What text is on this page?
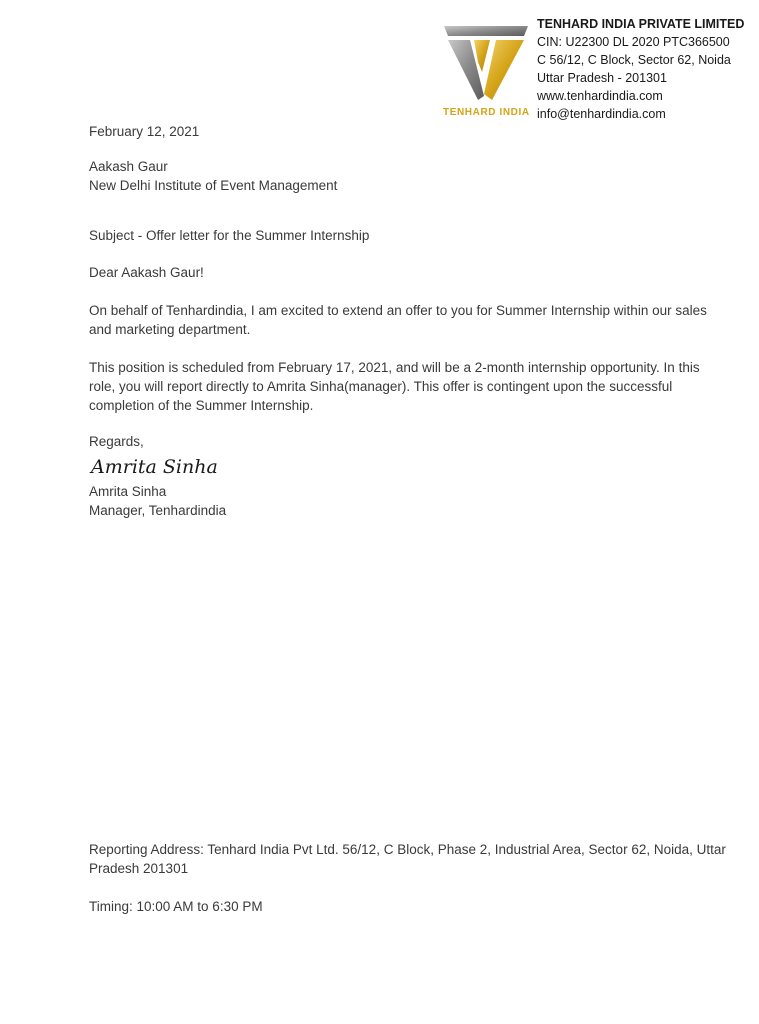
TENHARD INDIA
TENHARD INDIA PRIVATE LIMITED
CIN: U22300 DL 2020 PTC366500
C 56/12, C Block, Sector 62, Noida
Uttar Pradesh - 201301
www.tenhardindia.com
info@tenhardindia.com
February 12, 2021
Aakash Gaur
New Delhi Institute of Event Management
Subject - Offer letter for the Summer Internship
Dear Aakash Gaur!
On behalf of Tenhardindia, I am excited to extend an offer to you for Summer Internship within our sales and marketing department.
This position is scheduled from February 17, 2021, and will be a 2-month internship opportunity. In this role, you will report directly to Amrita Sinha(manager). This offer is contingent upon the successful completion of the Summer Internship.
Regards,
Amrita Sinha
Amrita Sinha
Manager, Tenhardindia
Reporting Address: Tenhard India Pvt Ltd. 56/12, C Block, Phase 2, Industrial Area, Sector 62, Noida, Uttar Pradesh 201301
Timing: 10:00 AM to 6:30 PM
